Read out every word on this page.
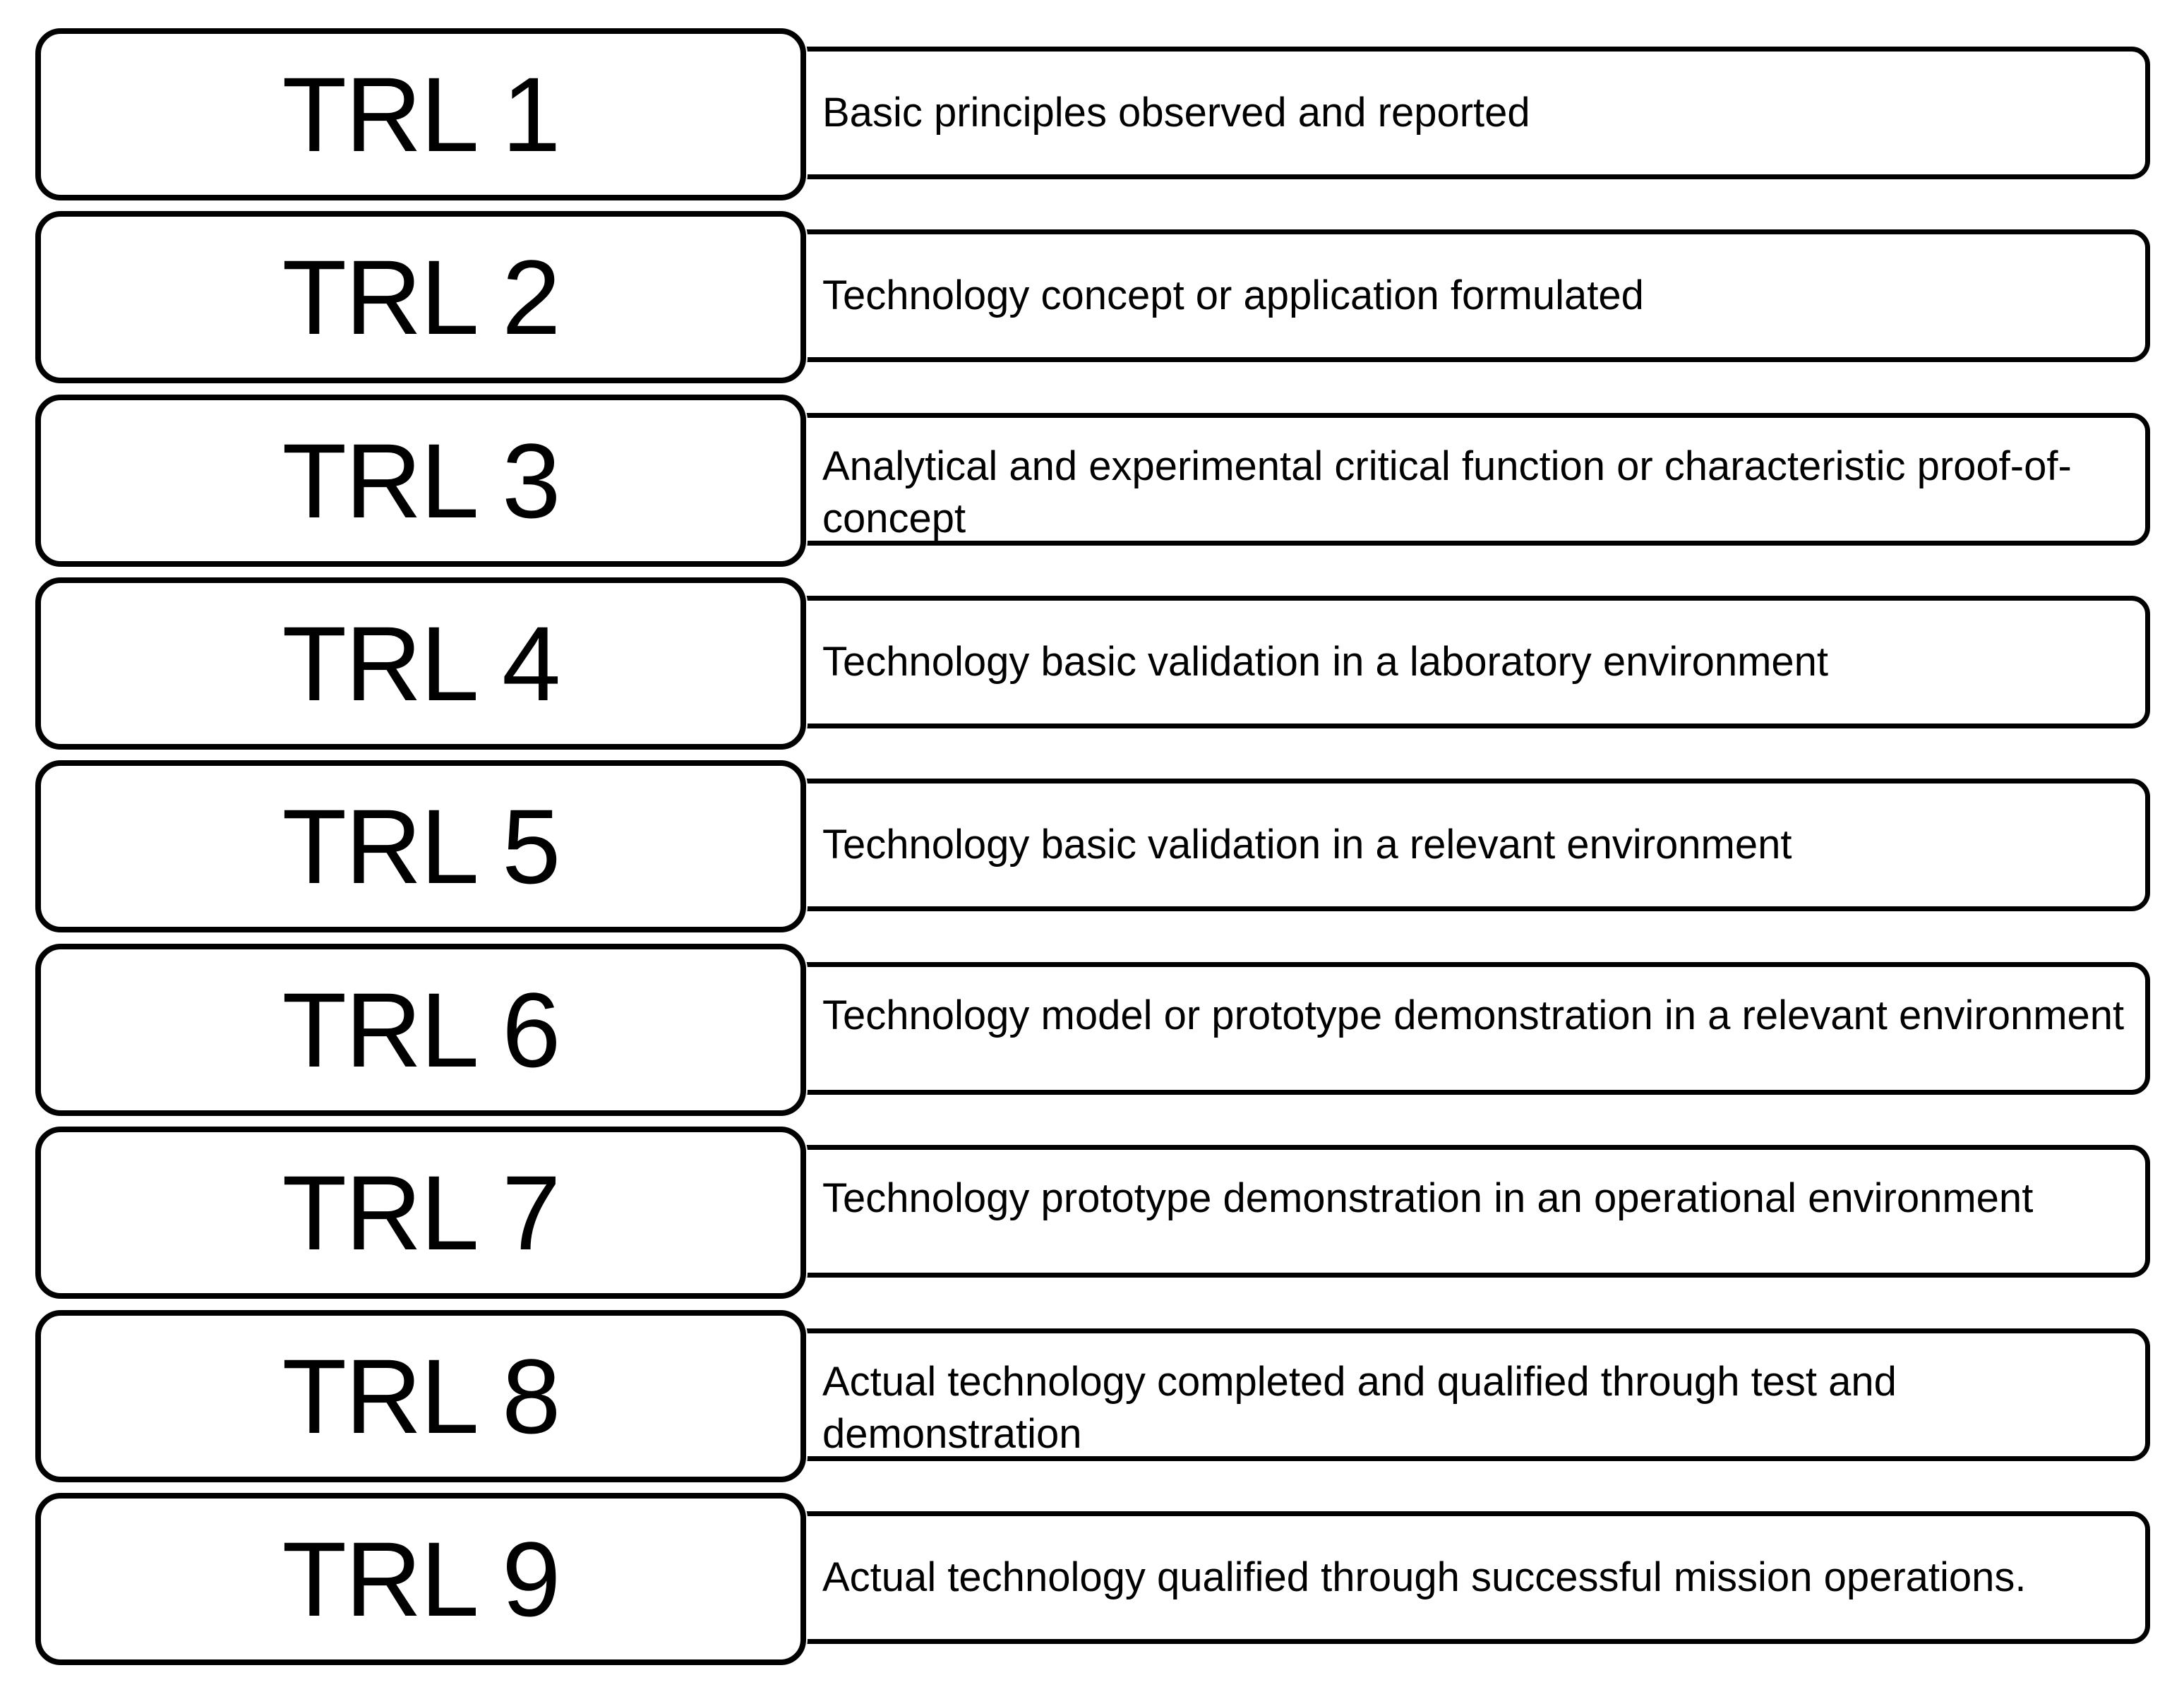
Basic principles observed and reported
TRL 1
Technology concept or application formulated
TRL 2
Analytical and experimental critical function or characteristic proof-of-concept
TRL 3
Technology basic validation in a laboratory environment
TRL 4
Technology basic validation in a relevant environment
TRL 5
Technology model or prototype demonstration in a relevant environment
TRL 6
Technology prototype demonstration in an operational environment
TRL 7
Actual technology completed and qualified through test and demonstration
TRL 8
Actual technology qualified through successful mission operations.
TRL 9
